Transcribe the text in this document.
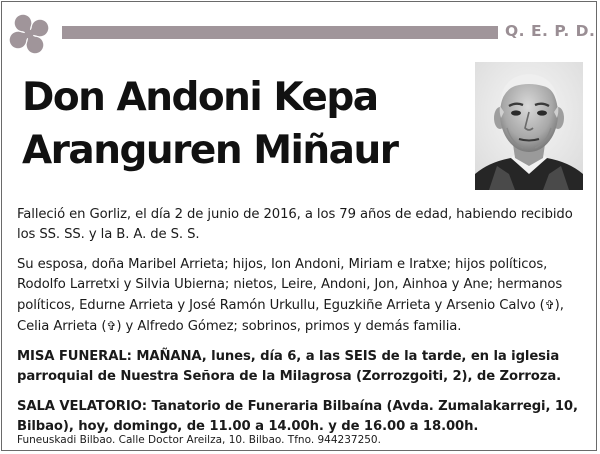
Q. E. P. D.
Don Andoni Kepa
Aranguren Miñaur

Falleció en Gorliz, el día 2 de junio de 2016, a los 79 años de edad, habiendo recibido los SS. SS. y la B. A. de S. S.

Su esposa, doña Maribel Arrieta; hijos, Ion Andoni, Miriam e Iratxe; hijos políticos, Rodolfo Larretxi y Silvia Ubierna; nietos, Leire, Andoni, Jon, Ainhoa y Ane; hermanos políticos, Edurne Arrieta y José Ramón Urkullu, Eguzkiñe Arrieta y Arsenio Calvo (✞), Celia Arrieta (✞) y Alfredo Gómez; sobrinos, primos y demás familia.

MISA FUNERAL: MAÑANA, lunes, día 6, a las SEIS de la tarde, en la iglesia parroquial de Nuestra Señora de la Milagrosa (Zorrozgoiti, 2), de Zorroza.

SALA VELATORIO: Tanatorio de Funeraria Bilbaína (Avda. Zumalakarregi, 10, Bilbao), hoy, domingo, de 11.00 a 14.00h. y de 16.00 a 18.00h.

Funeuskadi Bilbao. Calle Doctor Areilza, 10. Bilbao. Tfno. 944237250.
